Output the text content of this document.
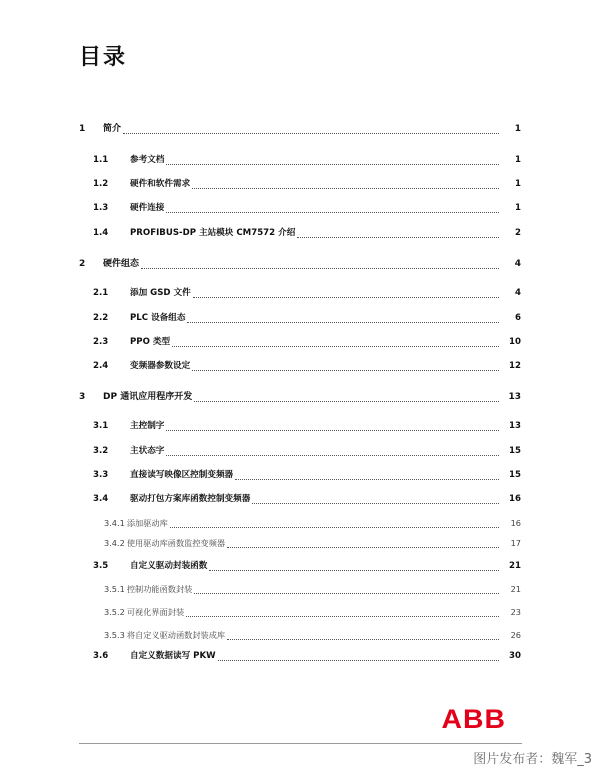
目录
1 简介	1
1.1	参考文档	1
1.2	硬件和软件需求	1
1.3	硬件连接	1
1.4	PROFIBUS-DP 主站模块 CM7572 介绍	2
2 硬件组态	4
2.1	添加 GSD 文件	4
2.2	PLC 设备组态	6
2.3	PPO 类型	10
2.4	变频器参数设定	12
3 DP 通讯应用程序开发	13
3.1	主控制字	13
3.2	主状态字	15
3.3	直接读写映像区控制变频器	15
3.4	驱动打包方案库函数控制变频器	16
3.4.1 添加驱动库	16
3.4.2 使用驱动库函数监控变频器	17
3.5	自定义驱动封装函数	21
3.5.1 控制功能函数封装	21
3.5.2 可视化界面封装	23
3.5.3 将自定义驱动函数封装成库	26
3.6	自定义数据读写 PKW	30
ABB
图片发布者：魏军_3
